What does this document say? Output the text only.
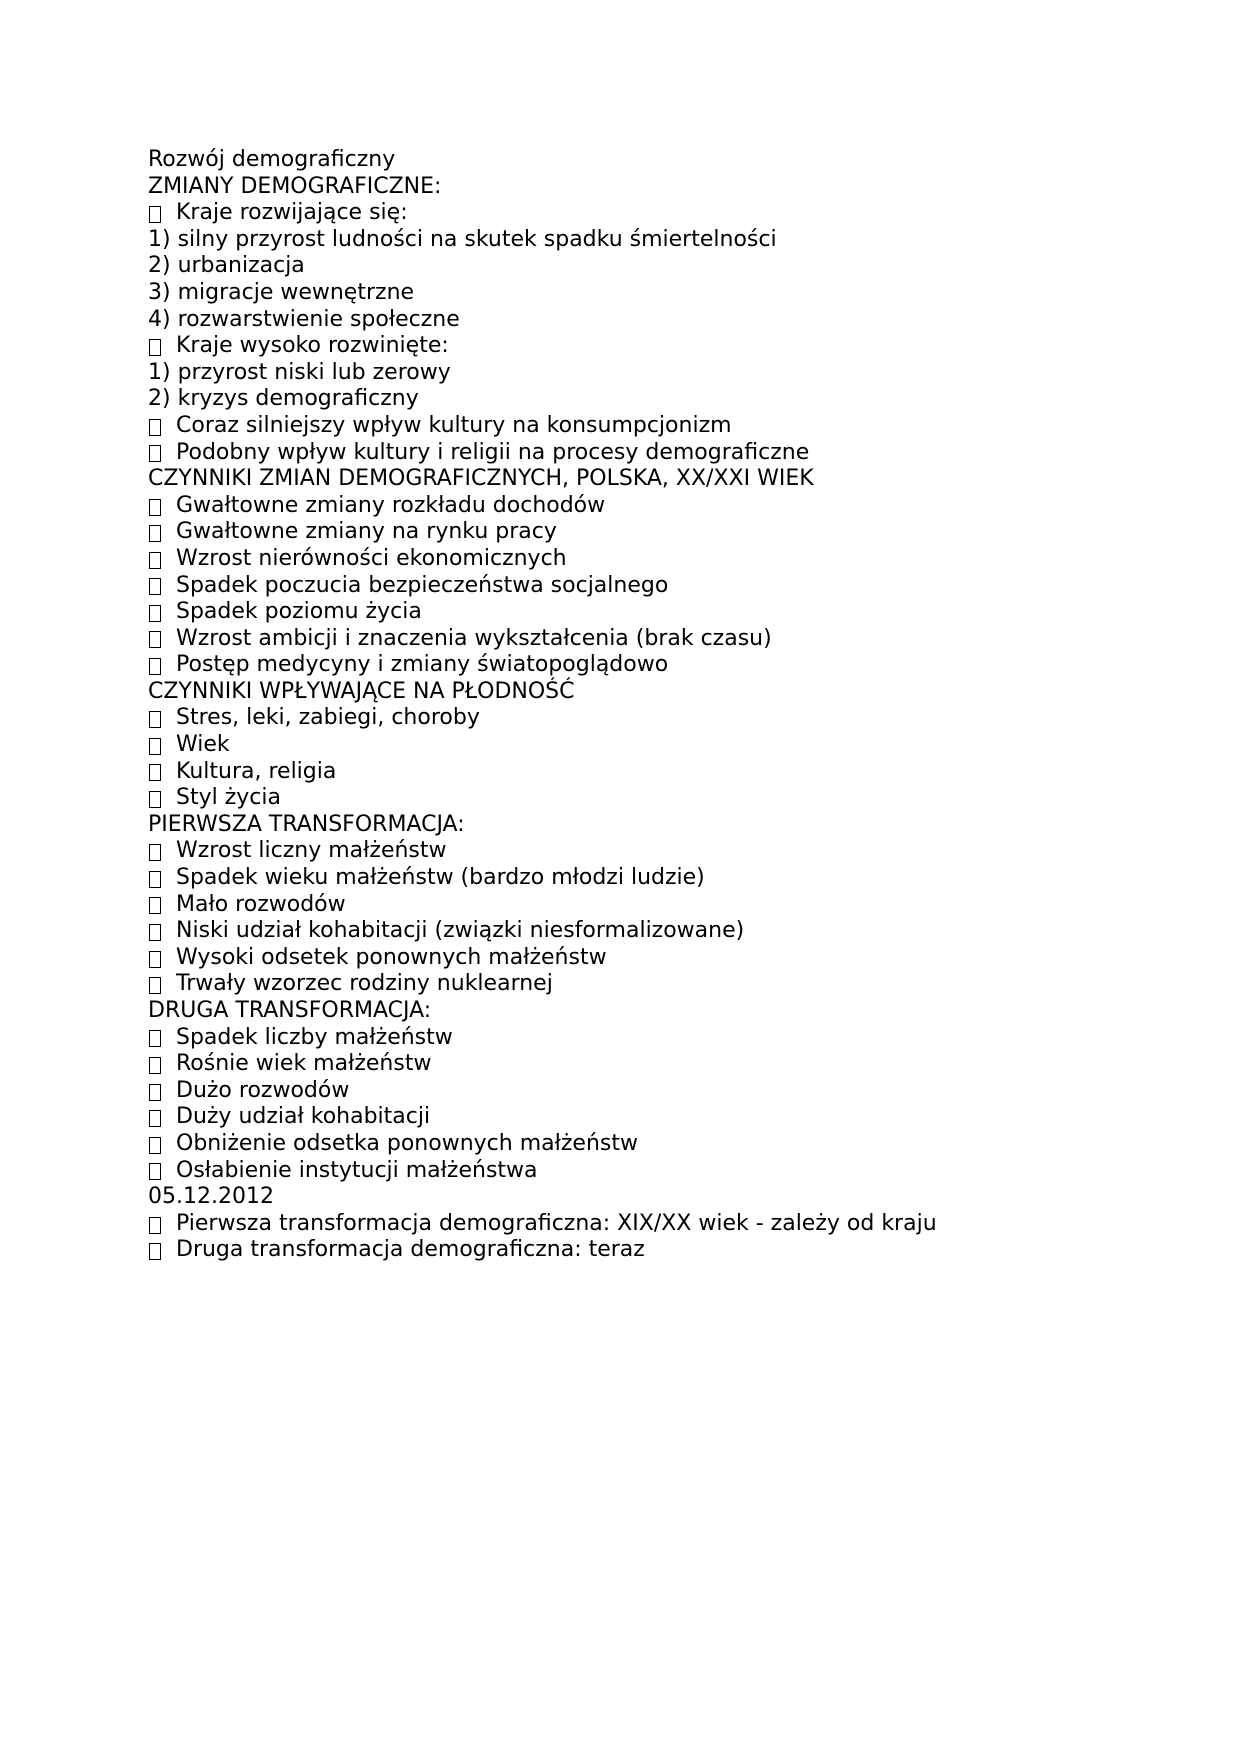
Rozwój demograficzny
ZMIANY DEMOGRAFICZNE:
Kraje rozwijające się:
1) silny przyrost ludności na skutek spadku śmiertelności
2) urbanizacja
3) migracje wewnętrzne
4) rozwarstwienie społeczne
Kraje wysoko rozwinięte:
1) przyrost niski lub zerowy
2) kryzys demograficzny
Coraz silniejszy wpływ kultury na konsumpcjonizm
Podobny wpływ kultury i religii na procesy demograficzne
CZYNNIKI ZMIAN DEMOGRAFICZNYCH, POLSKA, XX/XXI WIEK
Gwałtowne zmiany rozkładu dochodów
Gwałtowne zmiany na rynku pracy
Wzrost nierówności ekonomicznych
Spadek poczucia bezpieczeństwa socjalnego
Spadek poziomu życia
Wzrost ambicji i znaczenia wykształcenia (brak czasu)
Postęp medycyny i zmiany światopoglądowo
CZYNNIKI WPŁYWAJĄCE NA PŁODNOŚĆ
Stres, leki, zabiegi, choroby
Wiek
Kultura, religia
Styl życia
PIERWSZA TRANSFORMACJA:
Wzrost liczny małżeństw
Spadek wieku małżeństw (bardzo młodzi ludzie)
Mało rozwodów
Niski udział kohabitacji (związki niesformalizowane)
Wysoki odsetek ponownych małżeństw
Trwały wzorzec rodziny nuklearnej
DRUGA TRANSFORMACJA:
Spadek liczby małżeństw
Rośnie wiek małżeństw
Dużo rozwodów
Duży udział kohabitacji
Obniżenie odsetka ponownych małżeństw
Osłabienie instytucji małżeństwa
05.12.2012
Pierwsza transformacja demograficzna: XIX/XX wiek - zależy od kraju
Druga transformacja demograficzna: teraz
